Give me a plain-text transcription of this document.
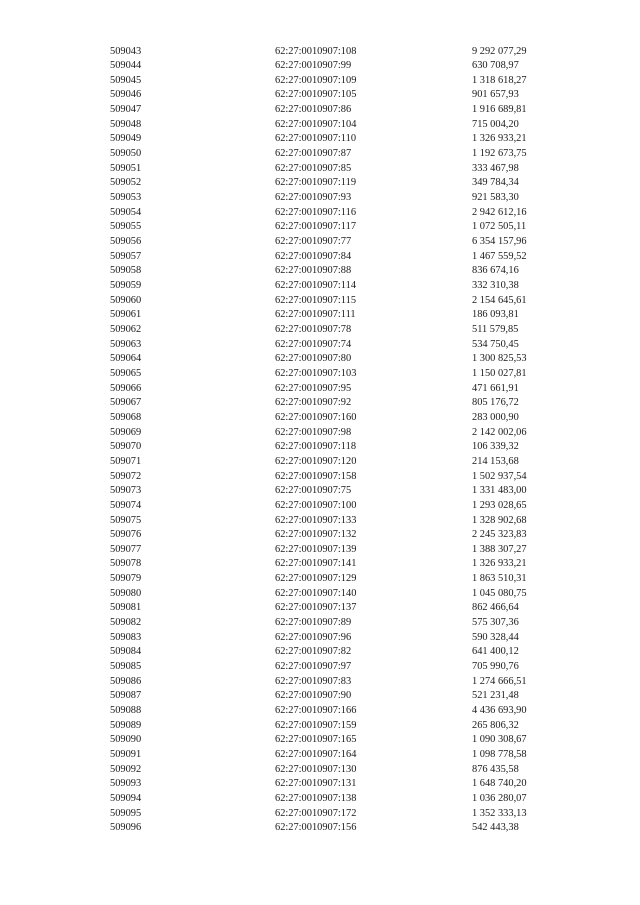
509043	62:27:0010907:108	9 292 077,29
509044	62:27:0010907:99	630 708,97
509045	62:27:0010907:109	1 318 618,27
509046	62:27:0010907:105	901 657,93
509047	62:27:0010907:86	1 916 689,81
509048	62:27:0010907:104	715 004,20
509049	62:27:0010907:110	1 326 933,21
509050	62:27:0010907:87	1 192 673,75
509051	62:27:0010907:85	333 467,98
509052	62:27:0010907:119	349 784,34
509053	62:27:0010907:93	921 583,30
509054	62:27:0010907:116	2 942 612,16
509055	62:27:0010907:117	1 072 505,11
509056	62:27:0010907:77	6 354 157,96
509057	62:27:0010907:84	1 467 559,52
509058	62:27:0010907:88	836 674,16
509059	62:27:0010907:114	332 310,38
509060	62:27:0010907:115	2 154 645,61
509061	62:27:0010907:111	186 093,81
509062	62:27:0010907:78	511 579,85
509063	62:27:0010907:74	534 750,45
509064	62:27:0010907:80	1 300 825,53
509065	62:27:0010907:103	1 150 027,81
509066	62:27:0010907:95	471 661,91
509067	62:27:0010907:92	805 176,72
509068	62:27:0010907:160	283 000,90
509069	62:27:0010907:98	2 142 002,06
509070	62:27:0010907:118	106 339,32
509071	62:27:0010907:120	214 153,68
509072	62:27:0010907:158	1 502 937,54
509073	62:27:0010907:75	1 331 483,00
509074	62:27:0010907:100	1 293 028,65
509075	62:27:0010907:133	1 328 902,68
509076	62:27:0010907:132	2 245 323,83
509077	62:27:0010907:139	1 388 307,27
509078	62:27:0010907:141	1 326 933,21
509079	62:27:0010907:129	1 863 510,31
509080	62:27:0010907:140	1 045 080,75
509081	62:27:0010907:137	862 466,64
509082	62:27:0010907:89	575 307,36
509083	62:27:0010907:96	590 328,44
509084	62:27:0010907:82	641 400,12
509085	62:27:0010907:97	705 990,76
509086	62:27:0010907:83	1 274 666,51
509087	62:27:0010907:90	521 231,48
509088	62:27:0010907:166	4 436 693,90
509089	62:27:0010907:159	265 806,32
509090	62:27:0010907:165	1 090 308,67
509091	62:27:0010907:164	1 098 778,58
509092	62:27:0010907:130	876 435,58
509093	62:27:0010907:131	1 648 740,20
509094	62:27:0010907:138	1 036 280,07
509095	62:27:0010907:172	1 352 333,13
509096	62:27:0010907:156	542 443,38
